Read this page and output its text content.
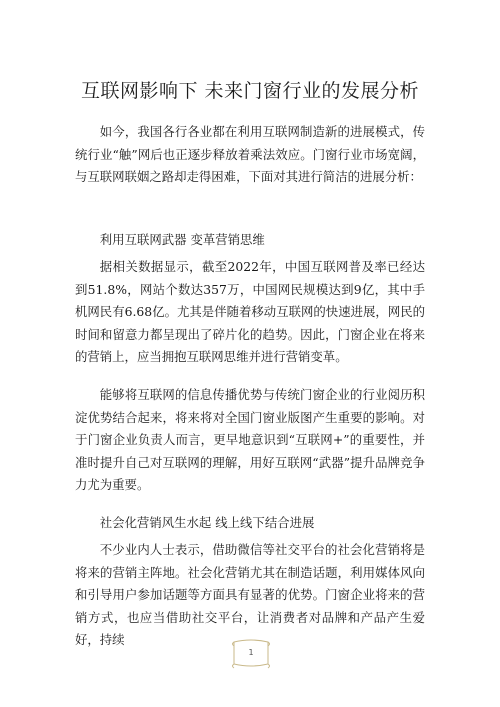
互联网影响下 未来门窗行业的发展分析

如今，我国各行各业都在利用互联网制造新的进展模式，传统行业“触”网后也正逐步释放着乘法效应。门窗行业市场宽阔，与互联网联姻之路却走得困难，下面对其进行简洁的进展分析：

利用互联网武器 变革营销思维

据相关数据显示，截至2022年，中国互联网普及率已经达到51.8%，网站个数达357万，中国网民规模达到9亿，其中手机网民有6.68亿。尤其是伴随着移动互联网的快速进展，网民的时间和留意力都呈现出了碎片化的趋势。因此，门窗企业在将来的营销上，应当拥抱互联网思维并进行营销变革。

能够将互联网的信息传播优势与传统门窗企业的行业阅历积淀优势结合起来，将来将对全国门窗业版图产生重要的影响。对于门窗企业负责人而言，更早地意识到“互联网+”的重要性，并准时提升自己对互联网的理解，用好互联网“武器”提升品牌竞争力尤为重要。

社会化营销风生水起 线上线下结合进展

不少业内人士表示，借助微信等社交平台的社会化营销将是将来的营销主阵地。社会化营销尤其在制造话题，利用媒体风向和引导用户参加话题等方面具有显著的优势。门窗企业将来的营销方式，也应当借助社交平台，让消费者对品牌和产品产生爱好，持续

1
